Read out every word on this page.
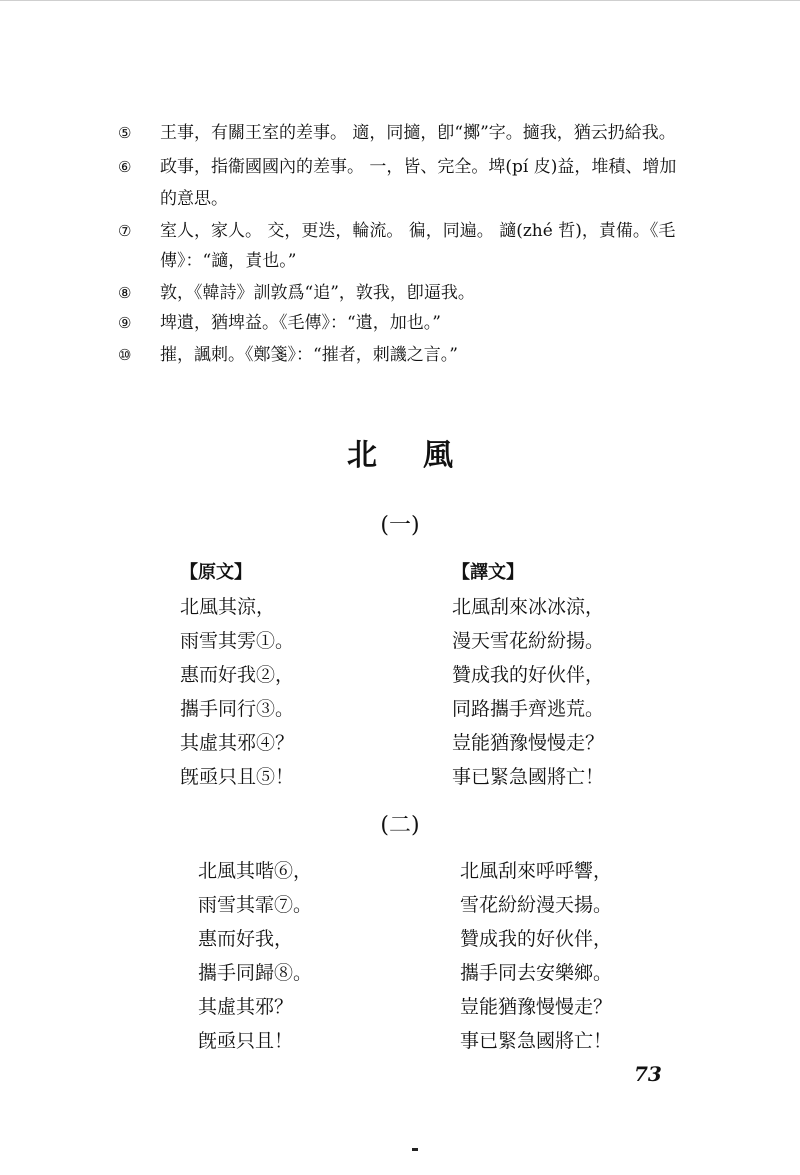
⑤ 王事，有關王室的差事。 適，同擿，卽“擲”字。擿我，猶云扔給我。
⑥ 政事，指衞國國內的差事。 一，皆、完全。埤(pí 皮)益，堆積、增加
的意思。
⑦ 室人，家人。 交，更迭，輪流。 徧，同遍。 讁(zhé 哲)，責備。《毛
傳》：“讁，責也。”
⑧ 敦，《韓詩》訓敦爲“追”，敦我，卽逼我。
⑨ 埤遺，猶埤益。《毛傳》：“遺，加也。”
⑩ 摧，諷刺。《鄭箋》：“摧者，刺譏之言。”
北風
(一)
【原文】
北風其涼，
雨雪其雱①。
惠而好我②，
攜手同行③。
其虛其邪④？
旣亟只且⑤！
【譯文】
北風刮來冰冰涼，
漫天雪花紛紛揚。
贊成我的好伙伴，
同路攜手齊逃荒。
豈能猶豫慢慢走？
事已緊急國將亡！
(二)
北風其喈⑥，
雨雪其霏⑦。
惠而好我，
攜手同歸⑧。
其虛其邪？
旣亟只且！
北風刮來呼呼響，
雪花紛紛漫天揚。
贊成我的好伙伴，
攜手同去安樂鄉。
豈能猶豫慢慢走？
事已緊急國將亡！
73
